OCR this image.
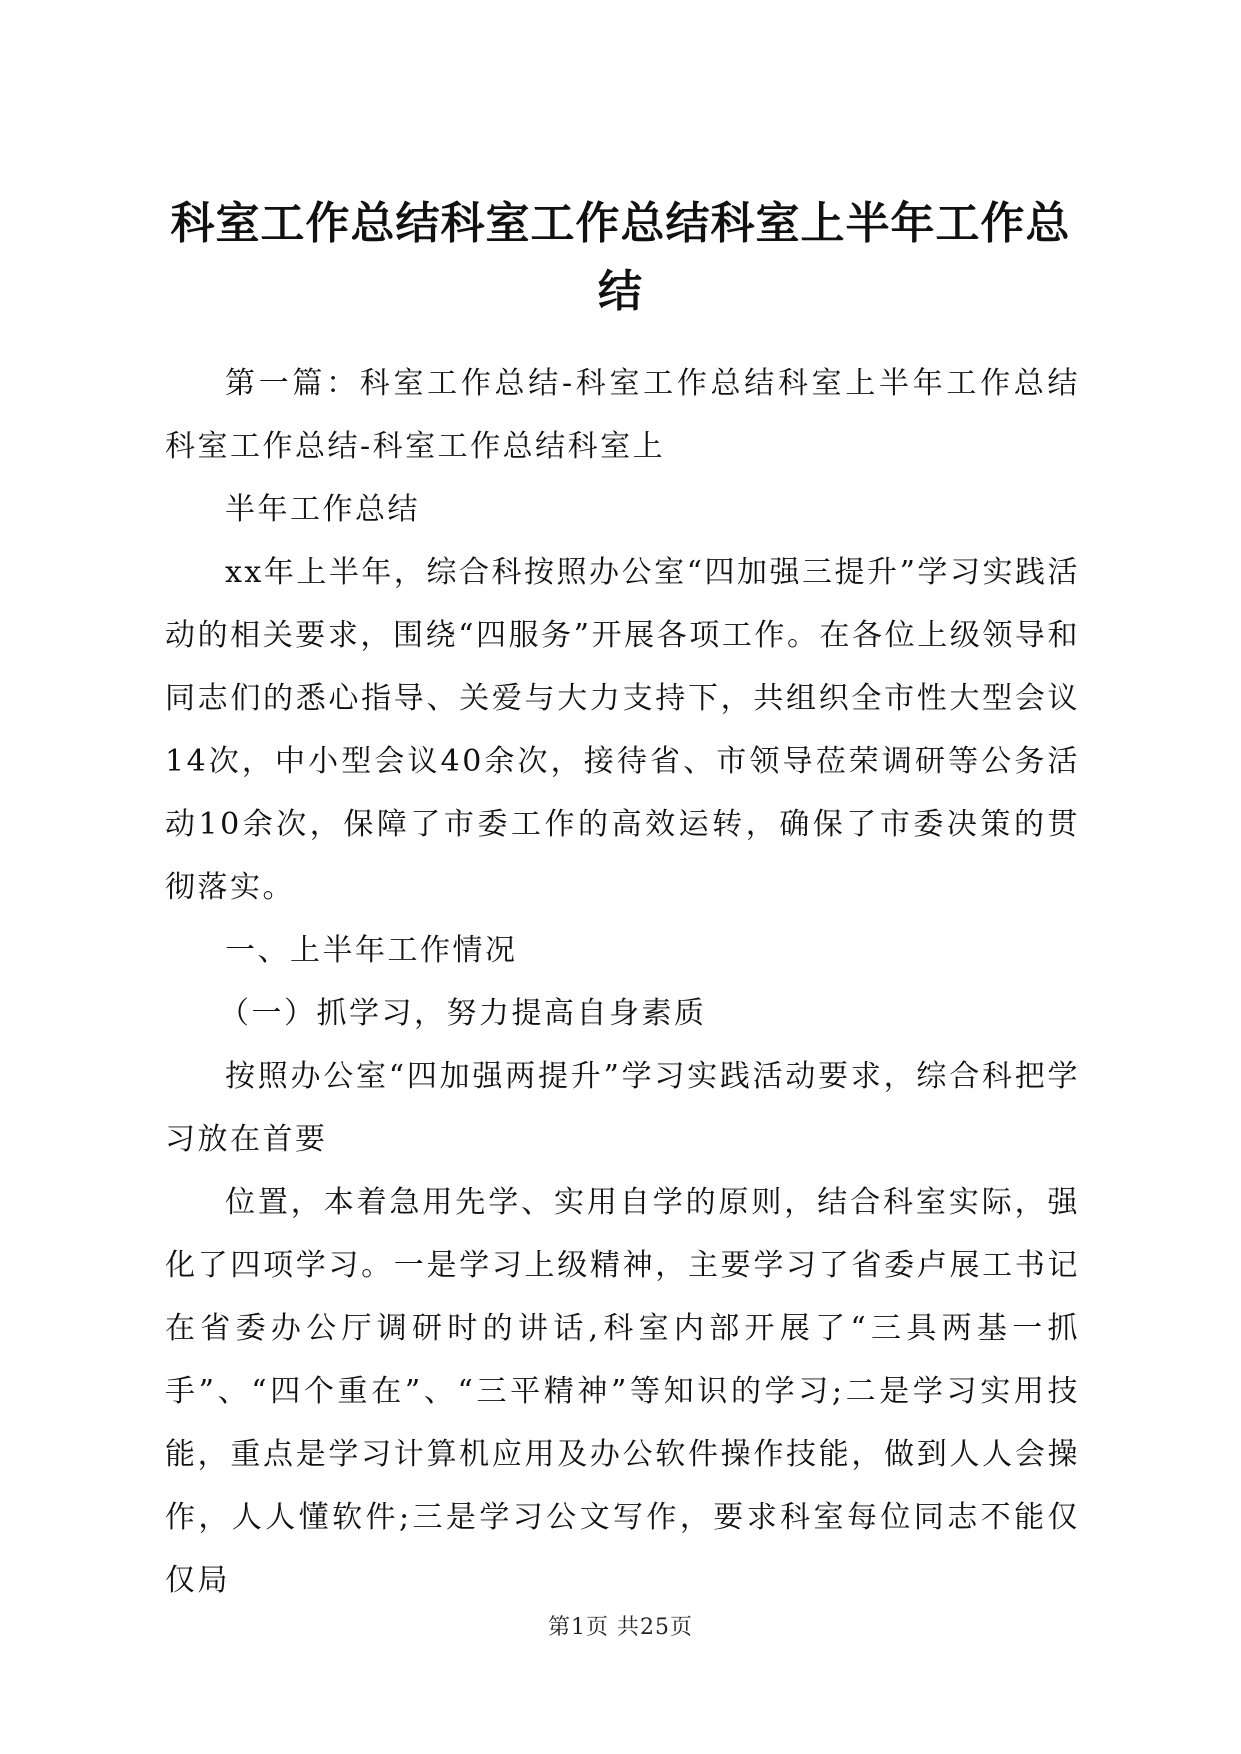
科室工作总结科室工作总结科室上半年工作总
结

第一篇：科室工作总结-科室工作总结科室上半年工作总结科室工作总结-科室工作总结科室上

半年工作总结

xx年上半年，综合科按照办公室“四加强三提升”学习实践活动的相关要求，围绕“四服务”开展各项工作。在各位上级领导和同志们的悉心指导、关爱与大力支持下，共组织全市性大型会议14次，中小型会议40余次，接待省、市领导莅荣调研等公务活动10余次，保障了市委工作的高效运转，确保了市委决策的贯彻落实。

一、上半年工作情况

（一）抓学习，努力提高自身素质

按照办公室“四加强两提升”学习实践活动要求，综合科把学习放在首要

位置，本着急用先学、实用自学的原则，结合科室实际，强化了四项学习。一是学习上级精神，主要学习了省委卢展工书记在省委办公厅调研时的讲话,科室内部开展了“三具两基一抓手”、“四个重在”、“三平精神”等知识的学习;二是学习实用技能，重点是学习计算机应用及办公软件操作技能，做到人人会操作，人人懂软件;三是学习公文写作，要求科室每位同志不能仅仅局

第1页 共25页
